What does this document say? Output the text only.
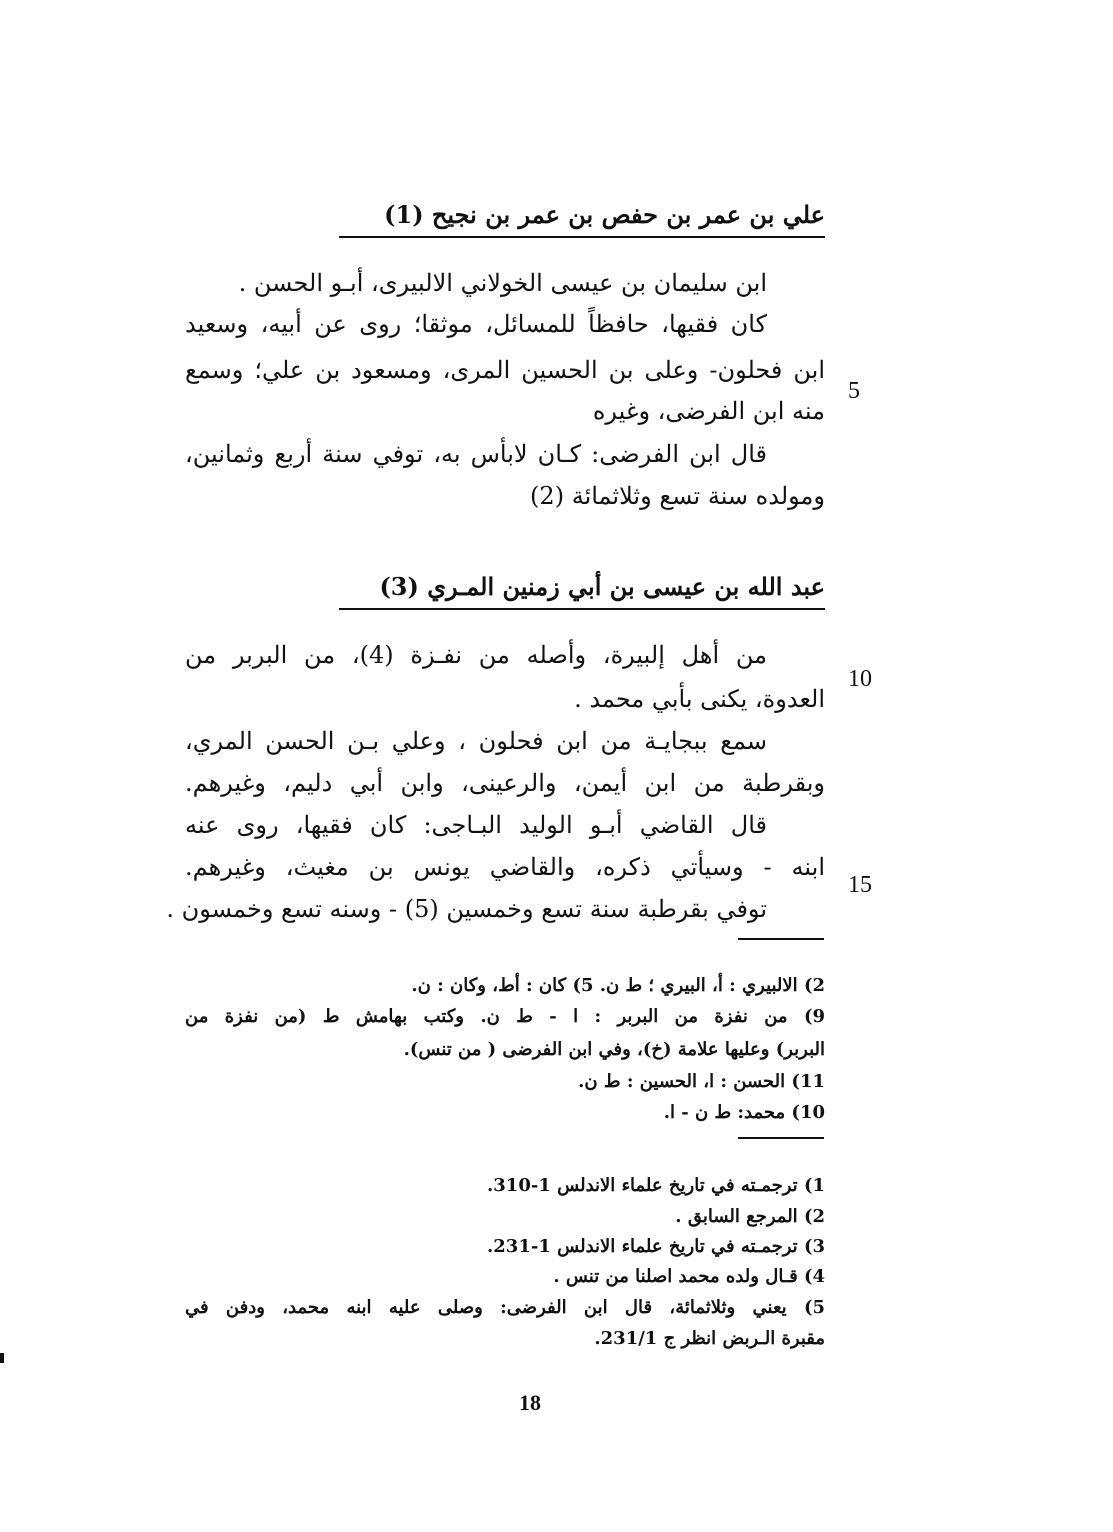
علي بن عمر بن حفص بن عمر بن نجيح (1)

ابن سليمان بن عيسى الخولاني الالبيرى، أبـو الحسن .

كان فقيها، حافظاً للمسائل، موثقا؛ روى عن أبيه، وسعيد

ابن فحلون- وعلى بن الحسين المرى، ومسعود بن علي؛ وسمع

منه ابن الفرضى، وغيره

قال ابن الفرضى: كـان لابأس به، توفي سنة أربع وثمانين،

ومولده سنة تسع وثلاثمائة (2)

عبد الله بن عيسى بن أبي زمنين المـري (3)

من أهل إلبيرة، وأصله من نفـزة (4)، من البربر من

العدوة، يكنى بأبي محمد .

سمع ببجايـة من ابن فحلون ، وعلي بـن الحسن المري،

وبقرطبة من ابن أيمن، والرعينى، وابن أبي دليم، وغيرهم.

قال القاضي أبـو الوليد البـاجى: كان فقيها، روى عنه

ابنه - وسيأتي ذكره، والقاضي يونس بن مغيث، وغيرهم.

توفي بقرطبة سنة تسع وخمسين (5) - وسنه تسع وخمسون .

5
10
15

2) الالبيري : أ، البيري ؛ ط ن. 5) كان : أط، وكان : ن.

9) من نفزة من البربر : ا - ط ن. وكتب بهامش ط (من نفزة من

البربر) وعليها علامة (خ)، وفي ابن الفرضى ( من تنس).

11) الحسن : ا، الحسين : ط ن.

10) محمد: ط ن - ا.

1) ترجمـته في تاريخ علماء الاندلس 1-310.

2) المرجع السابق .

3) ترجمـته في تاريخ علماء الاندلس 1-231.

4) قـال ولده محمد اصلنا من تنس .

5) يعني وثلاثمائة، قال ابن الفرضى: وصلى عليه ابنه محمد، ودفن في

مقبرة الـربض انظر ج 231/1.

18
